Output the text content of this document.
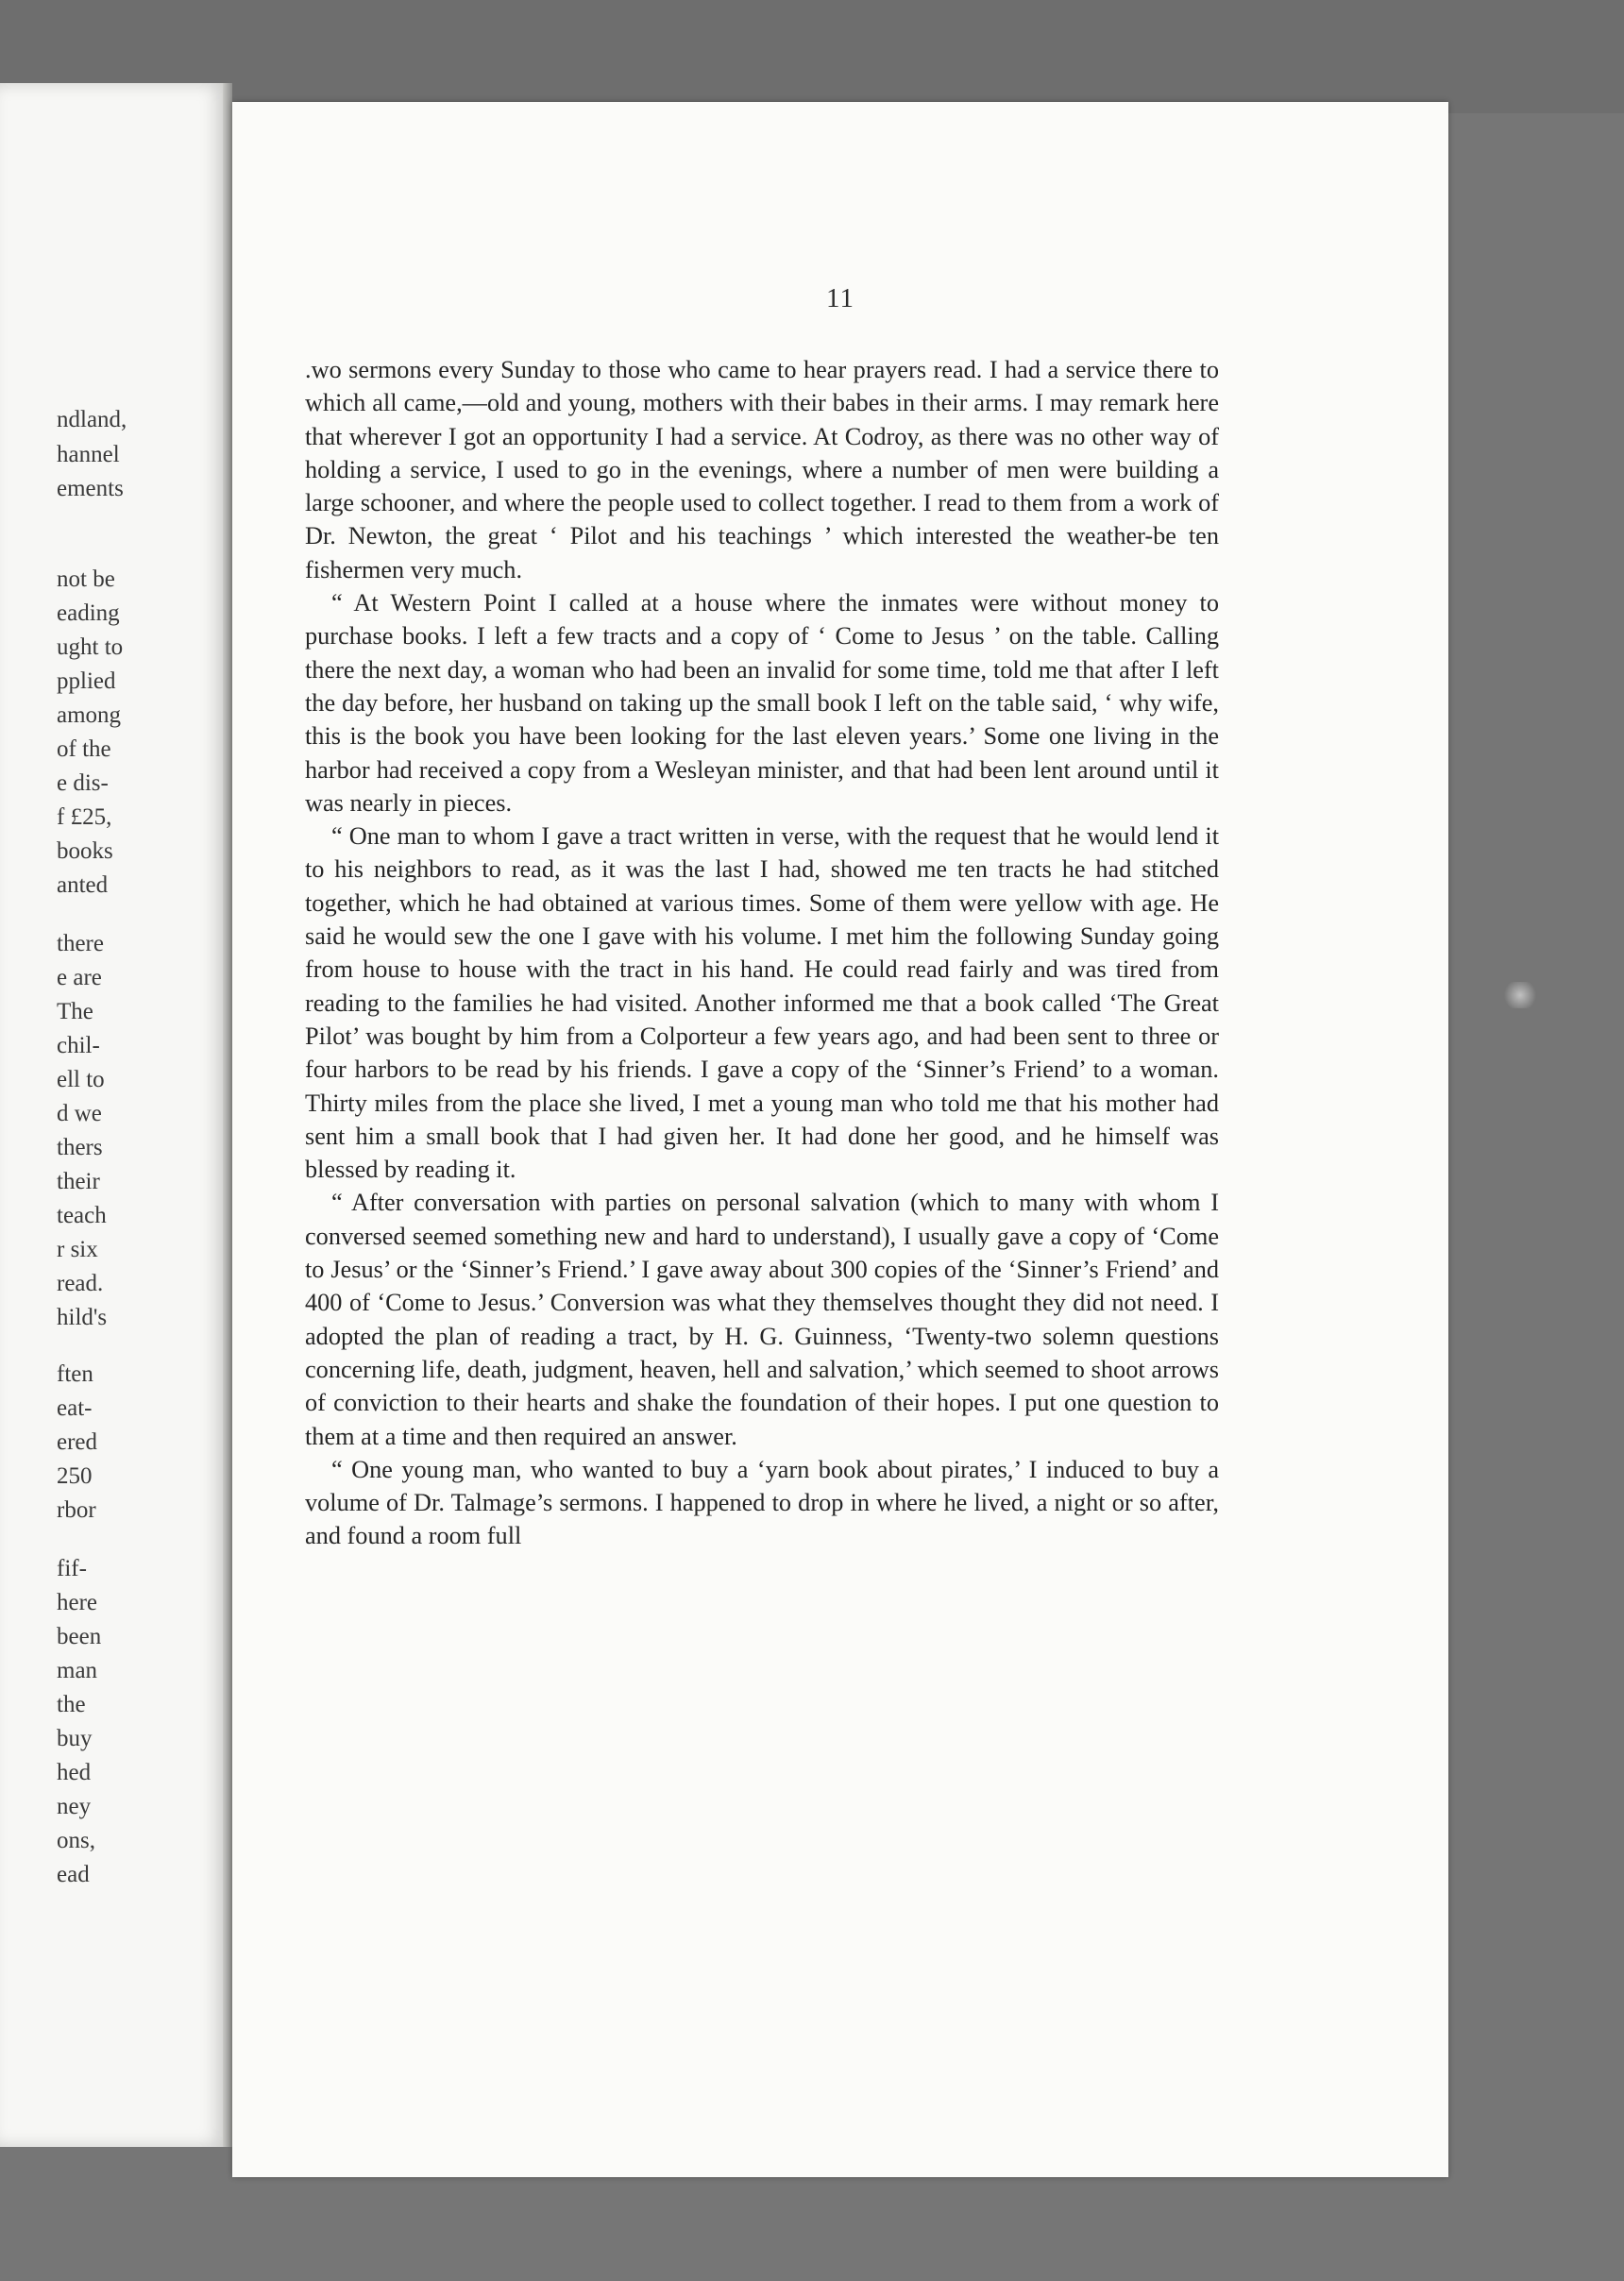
ndland,
hannel
ements
not be
eading
ught to
pplied
among
of the
e dis-
f £25,
books
anted
there
e are
The
chil-
ell to
d we
thers
their
teach
r six
read.
hild's
ften
eat-
ered
250
rbor
fif-
here
been
man
the
buy
hed
ney
ons,
ead
11

.wo sermons every Sunday to those who came to hear prayers read. I had a service there to which all came,—old and young, mothers with their babes in their arms. I may remark here that wherever I got an opportunity I had a service. At Codroy, as there was no other way of holding a service, I used to go in the evenings, where a number of men were building a large schooner, and where the people used to collect together. I read to them from a work of Dr. Newton, the great ‘ Pilot and his teachings ’ which interested the weather-be ten fishermen very much.

“ At Western Point I called at a house where the inmates were without money to purchase books. I left a few tracts and a copy of ‘ Come to Jesus ’ on the table. Calling there the next day, a woman who had been an invalid for some time, told me that after I left the day before, her husband on taking up the small book I left on the table said, ‘ why wife, this is the book you have been looking for the last eleven years.’ Some one living in the harbor had received a copy from a Wesleyan minister, and that had been lent around until it was nearly in pieces.

“ One man to whom I gave a tract written in verse, with the request that he would lend it to his neighbors to read, as it was the last I had, showed me ten tracts he had stitched together, which he had obtained at various times. Some of them were yellow with age. He said he would sew the one I gave with his volume. I met him the following Sunday going from house to house with the tract in his hand. He could read fairly and was tired from reading to the families he had visited. Another informed me that a book called ‘The Great Pilot’ was bought by him from a Colporteur a few years ago, and had been sent to three or four harbors to be read by his friends. I gave a copy of the ‘Sinner’s Friend’ to a woman. Thirty miles from the place she lived, I met a young man who told me that his mother had sent him a small book that I had given her. It had done her good, and he himself was blessed by reading it.

“ After conversation with parties on personal salvation (which to many with whom I conversed seemed something new and hard to understand), I usually gave a copy of ‘Come to Jesus’ or the ‘Sinner’s Friend.’ I gave away about 300 copies of the ‘Sinner’s Friend’ and 400 of ‘Come to Jesus.’ Conversion was what they themselves thought they did not need. I adopted the plan of reading a tract, by H. G. Guinness, ‘Twenty-two solemn questions concerning life, death, judgment, heaven, hell and salvation,’ which seemed to shoot arrows of conviction to their hearts and shake the foundation of their hopes. I put one question to them at a time and then required an answer.

“ One young man, who wanted to buy a ‘yarn book about pirates,’ I induced to buy a volume of Dr. Talmage’s sermons. I happened to drop in where he lived, a night or so after, and found a room full
